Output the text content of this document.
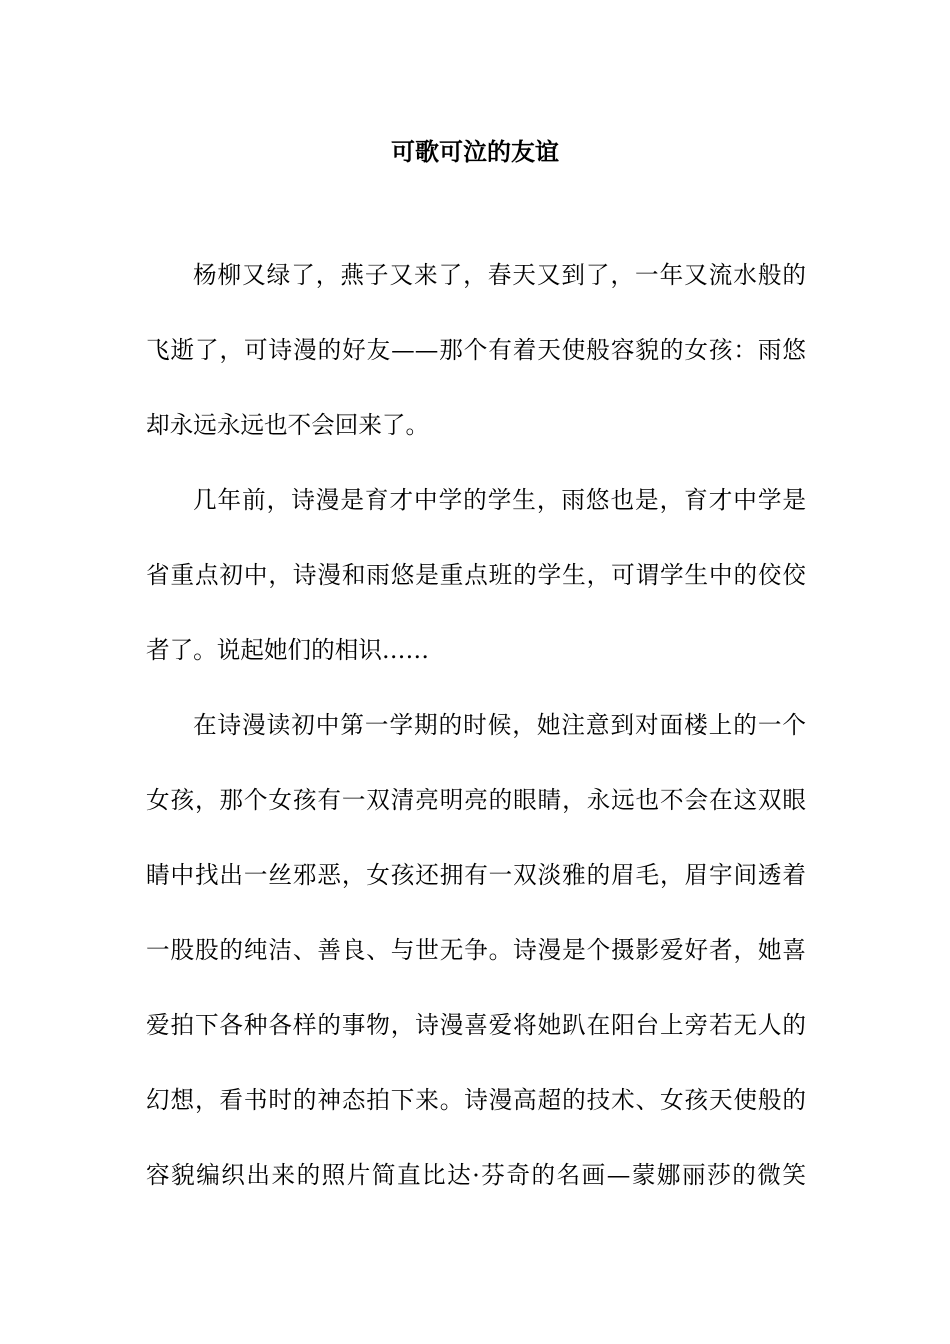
可歌可泣的友谊
杨柳又绿了，燕子又来了，春天又到了，一年又流水般的
飞逝了，可诗漫的好友——那个有着天使般容貌的女孩：雨悠
却永远永远也不会回来了。
几年前，诗漫是育才中学的学生，雨悠也是，育才中学是
省重点初中，诗漫和雨悠是重点班的学生，可谓学生中的佼佼
者了。说起她们的相识……
在诗漫读初中第一学期的时候，她注意到对面楼上的一个
女孩，那个女孩有一双清亮明亮的眼睛，永远也不会在这双眼
睛中找出一丝邪恶，女孩还拥有一双淡雅的眉毛，眉宇间透着
一股股的纯洁、善良、与世无争。诗漫是个摄影爱好者，她喜
爱拍下各种各样的事物，诗漫喜爱将她趴在阳台上旁若无人的
幻想，看书时的神态拍下来。诗漫高超的技术、女孩天使般的
容貌编织出来的照片简直比达·芬奇的名画—蒙娜丽莎的微笑
